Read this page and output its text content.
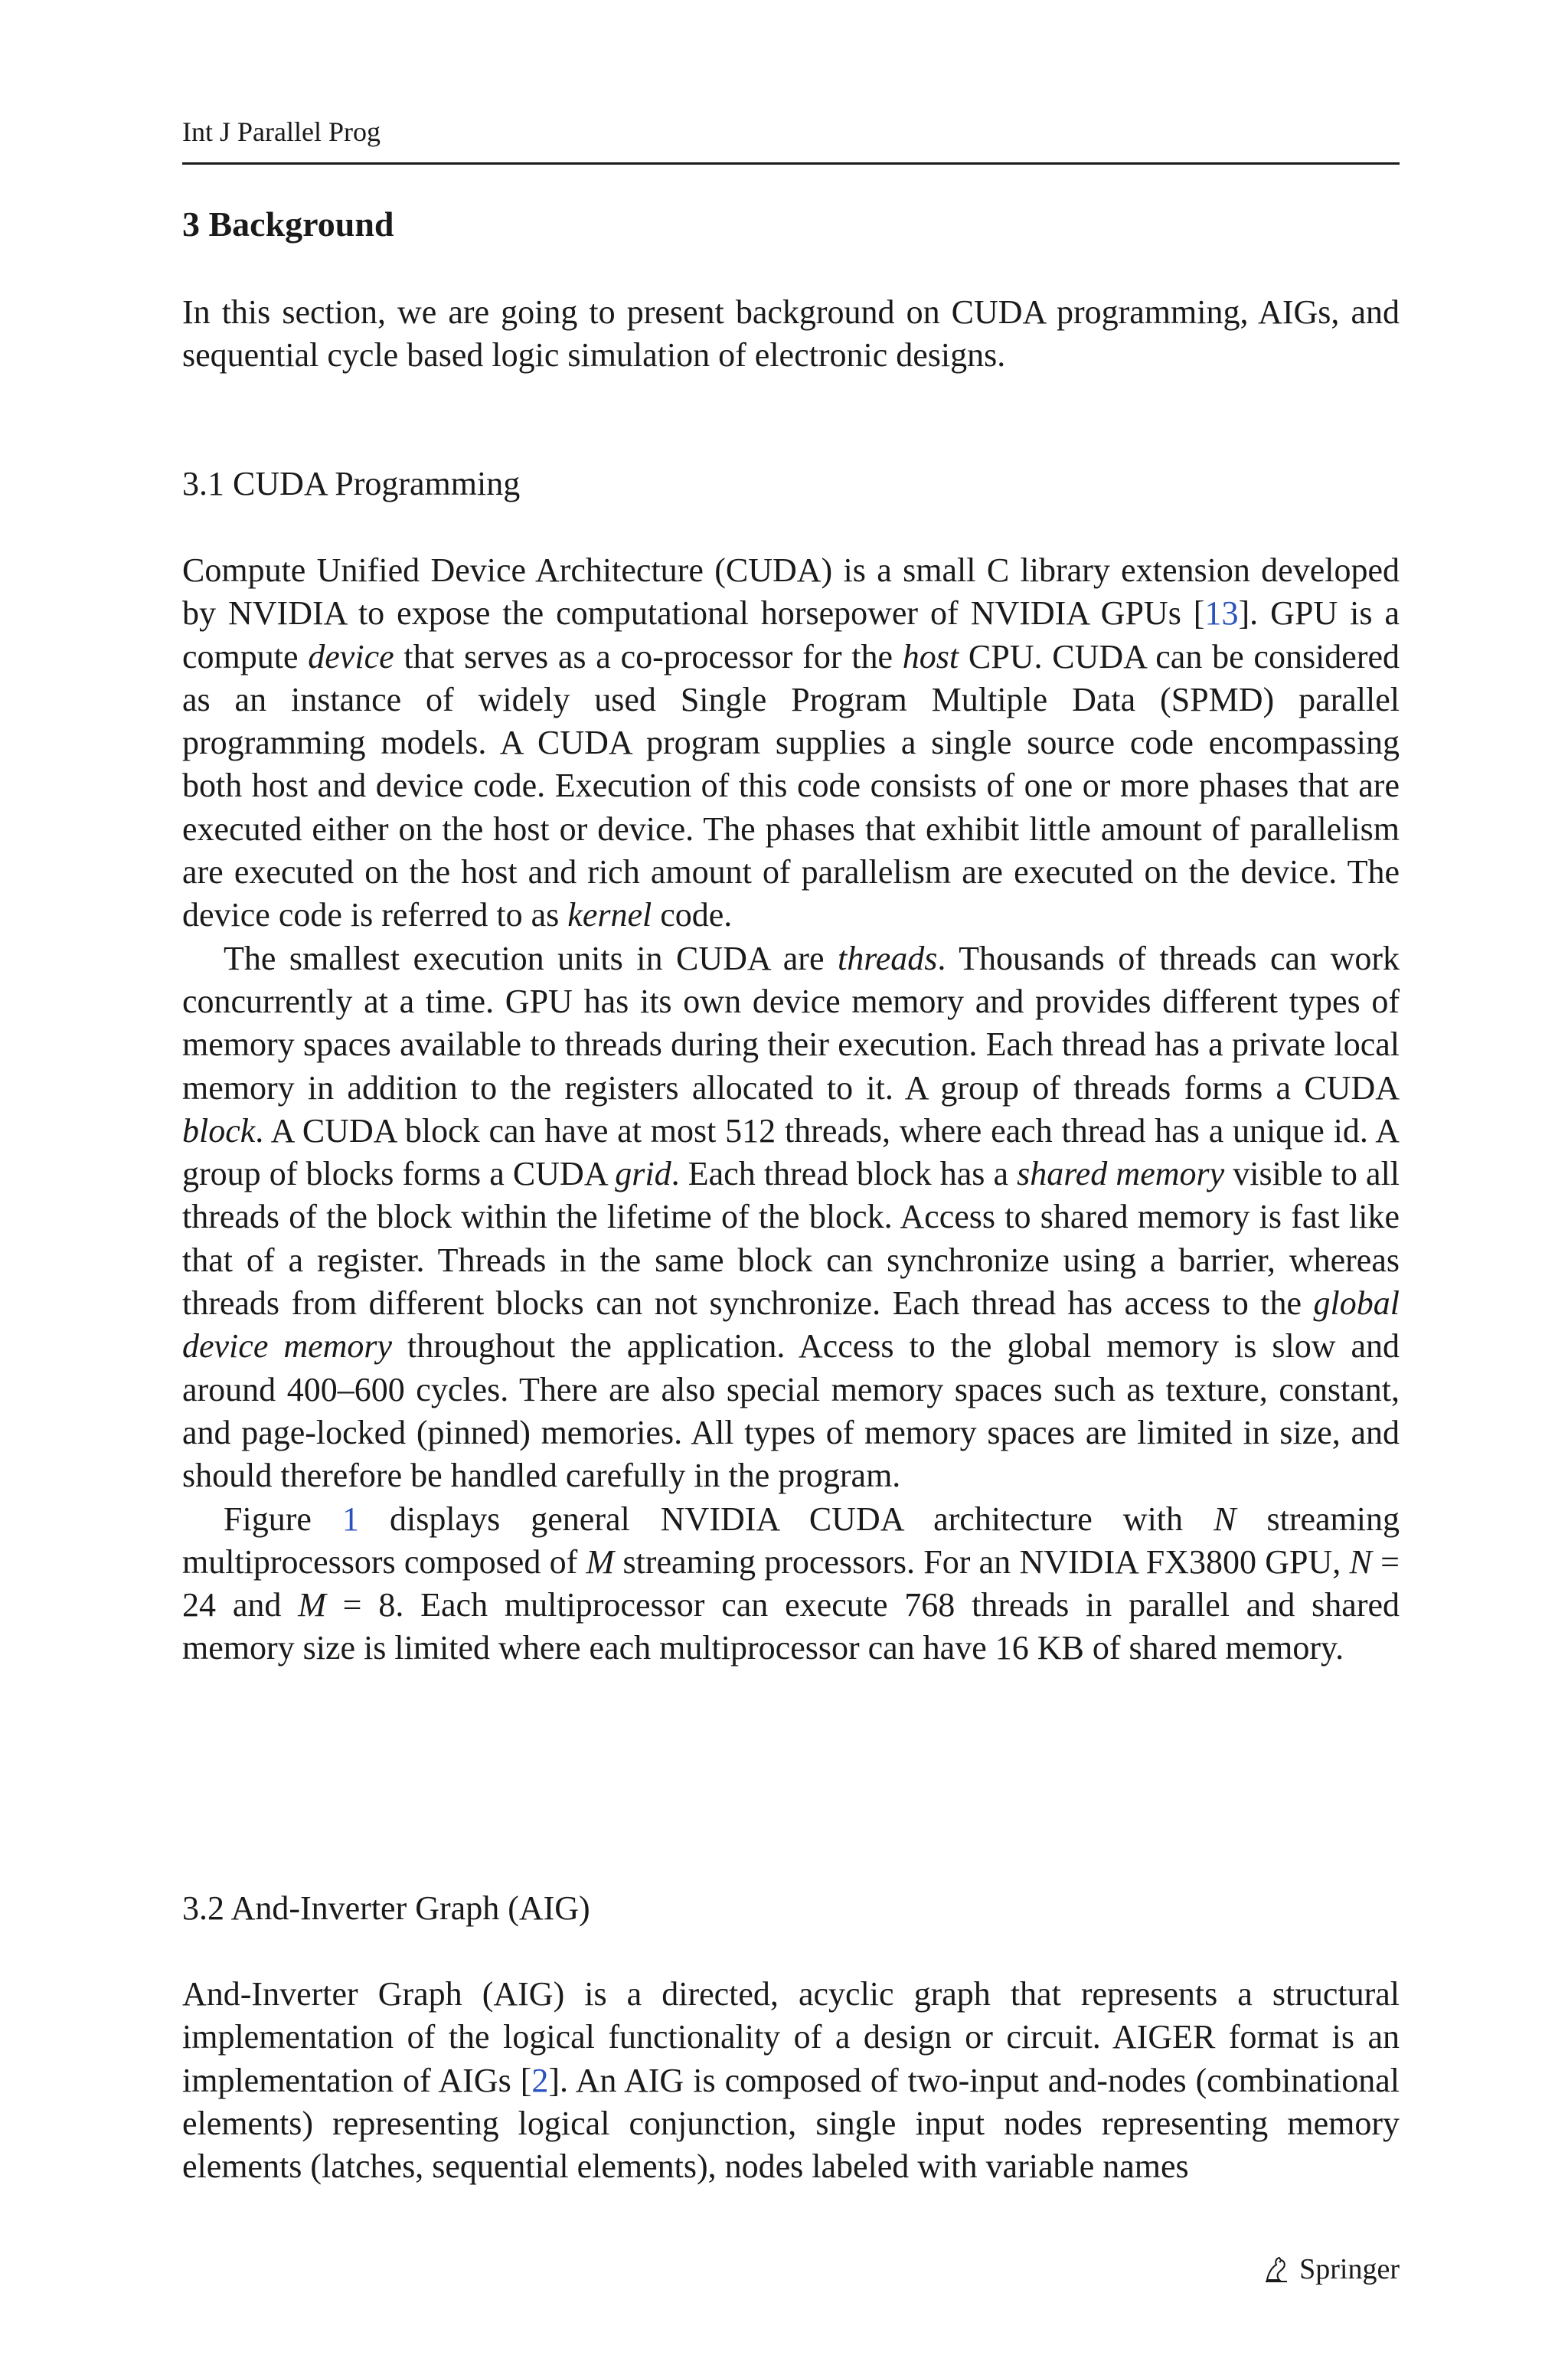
Int J Parallel Prog
3 Background

In this section, we are going to present background on CUDA programming, AIGs, and sequential cycle based logic simulation of electronic designs.

3.1 CUDA Programming

Compute Unified Device Architecture (CUDA) is a small C library extension developed by NVIDIA to expose the computational horsepower of NVIDIA GPUs [13]. GPU is a compute device that serves as a co-processor for the host CPU. CUDA can be considered as an instance of widely used Single Program Multiple Data (SPMD) parallel programming models. A CUDA program supplies a single source code encompassing both host and device code. Execution of this code consists of one or more phases that are executed either on the host or device. The phases that exhibit little amount of parallelism are executed on the host and rich amount of parallelism are executed on the device. The device code is referred to as kernel code.

The smallest execution units in CUDA are threads. Thousands of threads can work concurrently at a time. GPU has its own device memory and provides different types of memory spaces available to threads during their execution. Each thread has a private local memory in addition to the registers allocated to it. A group of threads forms a CUDA block. A CUDA block can have at most 512 threads, where each thread has a unique id. A group of blocks forms a CUDA grid. Each thread block has a shared memory visible to all threads of the block within the lifetime of the block. Access to shared memory is fast like that of a register. Threads in the same block can synchronize using a barrier, whereas threads from different blocks can not synchronize. Each thread has access to the global device memory throughout the application. Access to the global memory is slow and around 400–600 cycles. There are also special memory spaces such as texture, constant, and page-locked (pinned) memories. All types of memory spaces are limited in size, and should therefore be handled carefully in the program.

Figure 1 displays general NVIDIA CUDA architecture with N streaming multiprocessors composed of M streaming processors. For an NVIDIA FX3800 GPU, N = 24 and M = 8. Each multiprocessor can execute 768 threads in parallel and shared memory size is limited where each multiprocessor can have 16 KB of shared memory.

3.2 And-Inverter Graph (AIG)

And-Inverter Graph (AIG) is a directed, acyclic graph that represents a structural implementation of the logical functionality of a design or circuit. AIGER format is an implementation of AIGs [2]. An AIG is composed of two-input and-nodes (combinational elements) representing logical conjunction, single input nodes representing memory elements (latches, sequential elements), nodes labeled with variable names

Springer
